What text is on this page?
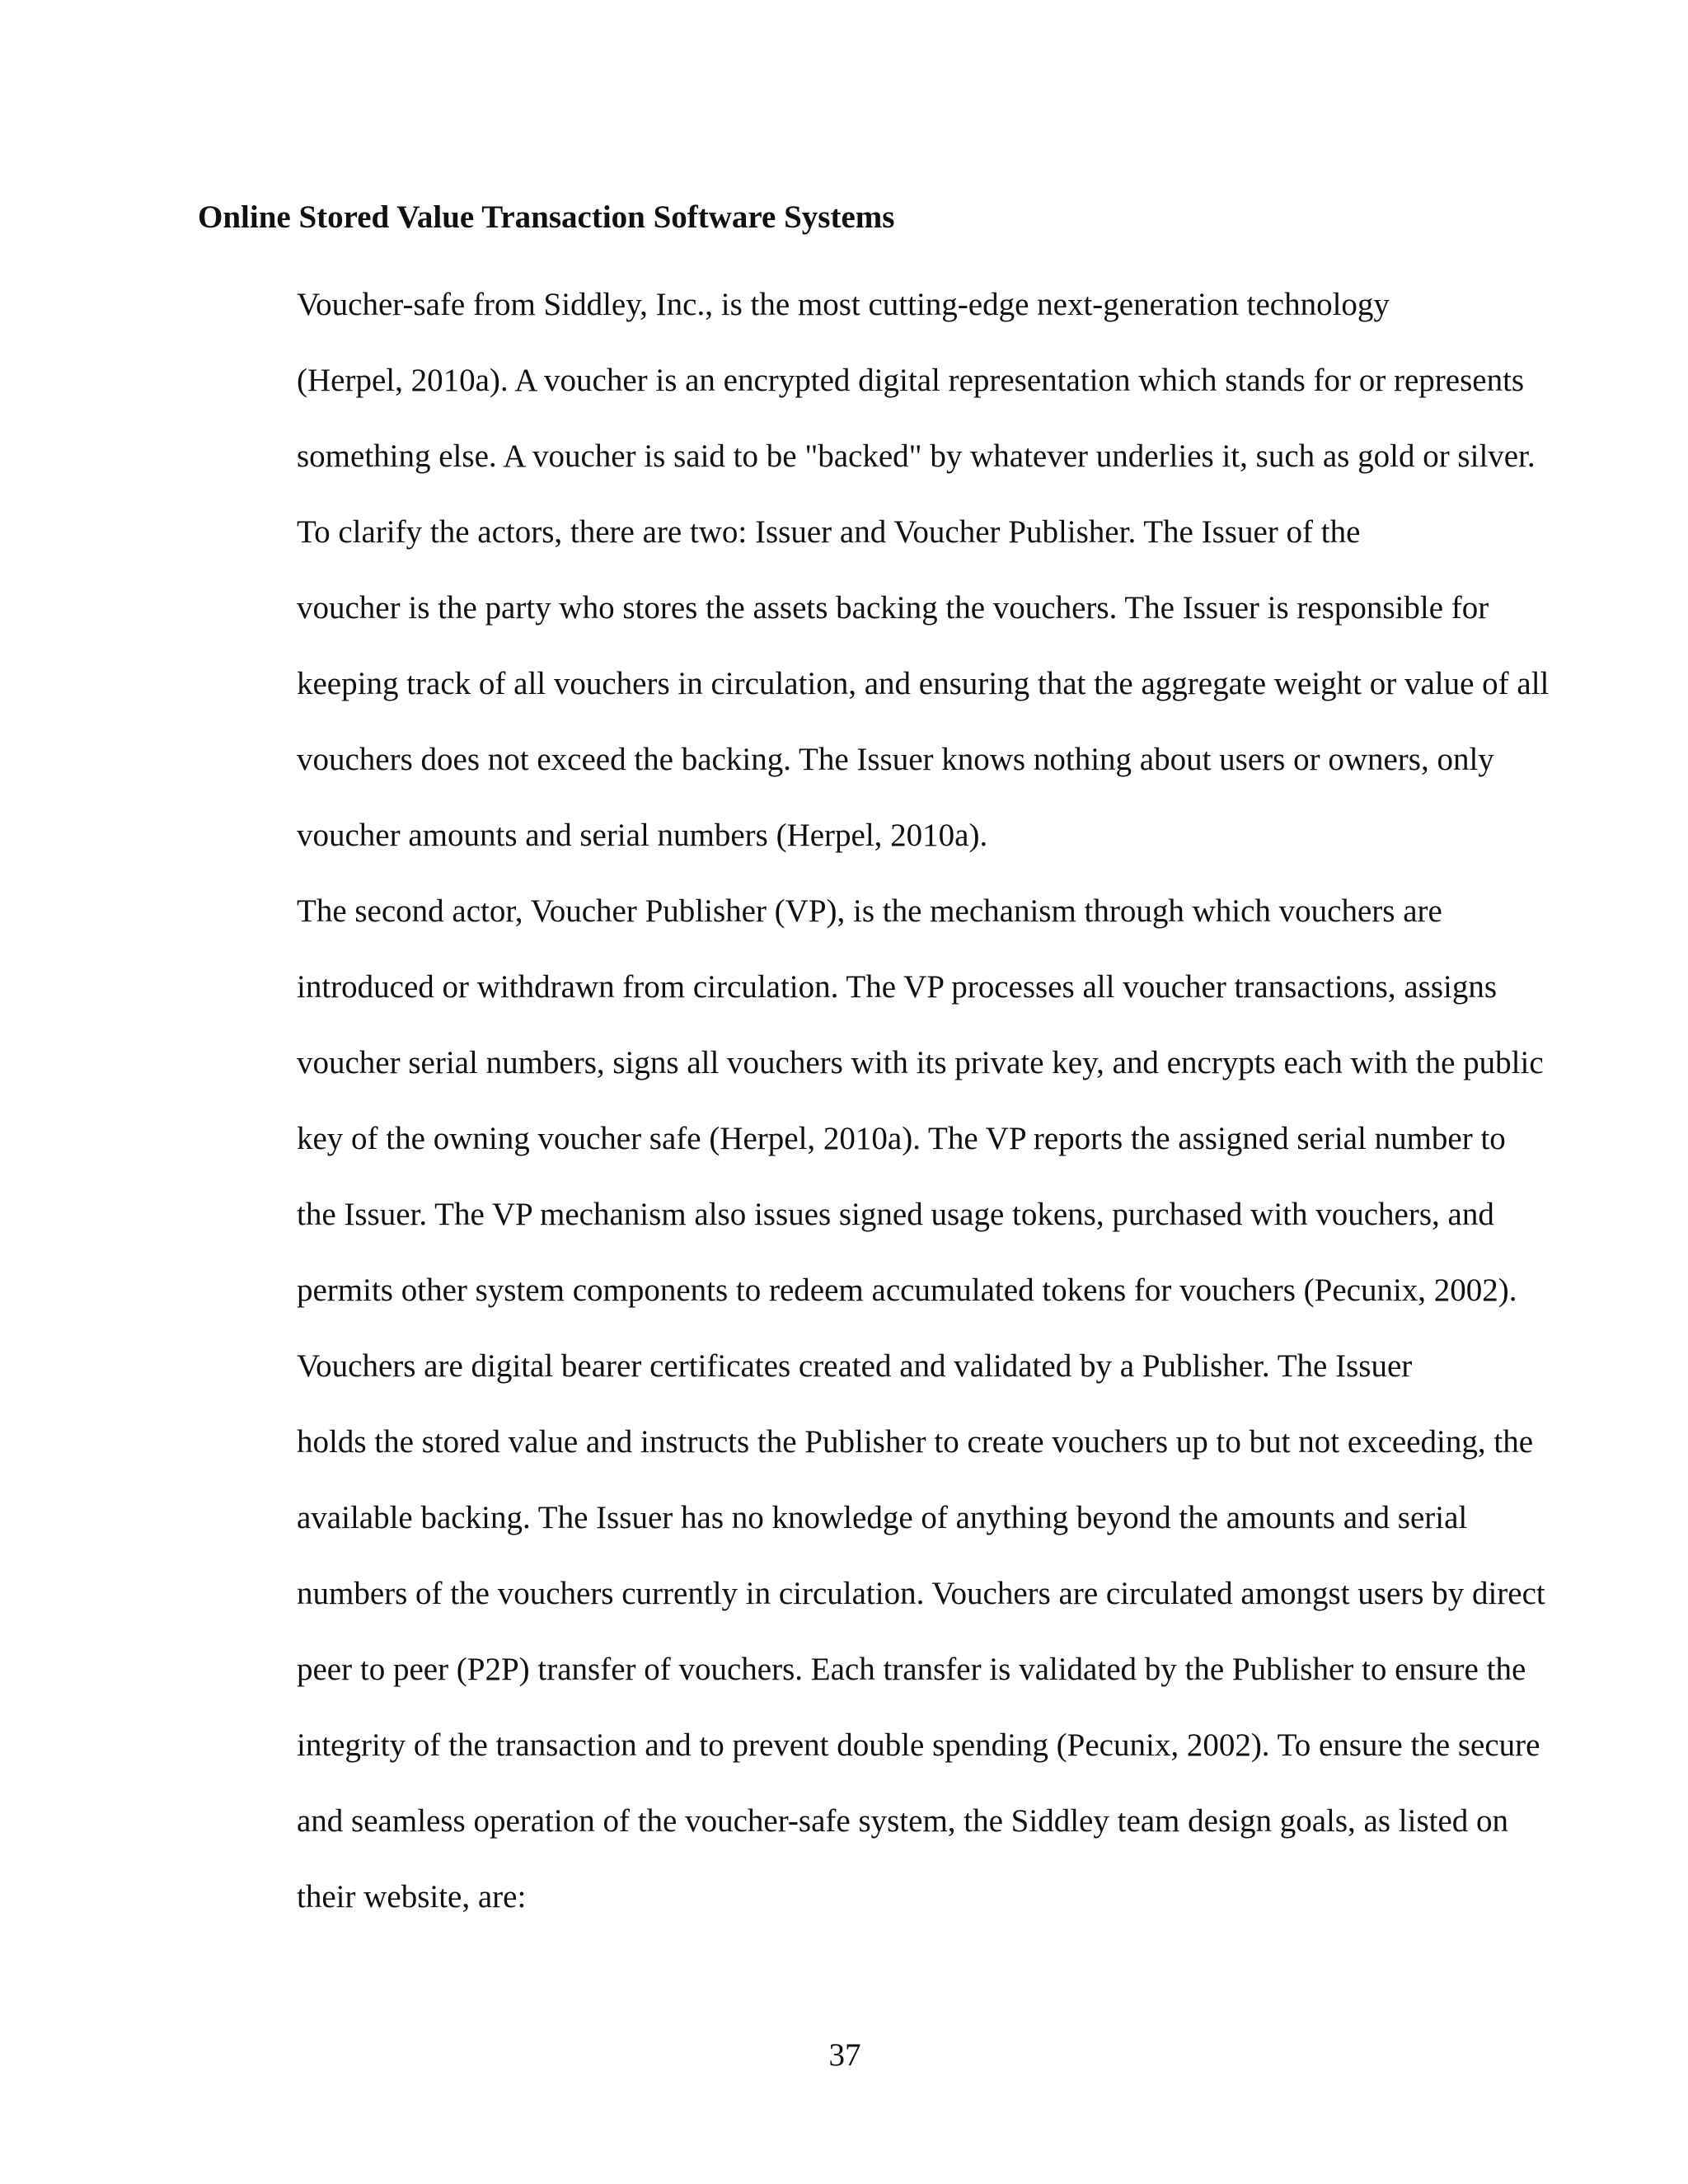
Online Stored Value Transaction Software Systems

Voucher-safe from Siddley, Inc., is the most cutting-edge next-generation technology
(Herpel, 2010a). A voucher is an encrypted digital representation which stands for or represents
something else. A voucher is said to be "backed" by whatever underlies it, such as gold or silver.

To clarify the actors, there are two: Issuer and Voucher Publisher. The Issuer of the
voucher is the party who stores the assets backing the vouchers. The Issuer is responsible for
keeping track of all vouchers in circulation, and ensuring that the aggregate weight or value of all
vouchers does not exceed the backing. The Issuer knows nothing about users or owners, only
voucher amounts and serial numbers (Herpel, 2010a).

The second actor, Voucher Publisher (VP), is the mechanism through which vouchers are
introduced or withdrawn from circulation. The VP processes all voucher transactions, assigns
voucher serial numbers, signs all vouchers with its private key, and encrypts each with the public
key of the owning voucher safe (Herpel, 2010a). The VP reports the assigned serial number to
the Issuer. The VP mechanism also issues signed usage tokens, purchased with vouchers, and
permits other system components to redeem accumulated tokens for vouchers (Pecunix, 2002).

Vouchers are digital bearer certificates created and validated by a Publisher. The Issuer
holds the stored value and instructs the Publisher to create vouchers up to but not exceeding, the
available backing. The Issuer has no knowledge of anything beyond the amounts and serial
numbers of the vouchers currently in circulation. Vouchers are circulated amongst users by direct
peer to peer (P2P) transfer of vouchers. Each transfer is validated by the Publisher to ensure the
integrity of the transaction and to prevent double spending (Pecunix, 2002). To ensure the secure
and seamless operation of the voucher-safe system, the Siddley team design goals, as listed on
their website, are:

37
